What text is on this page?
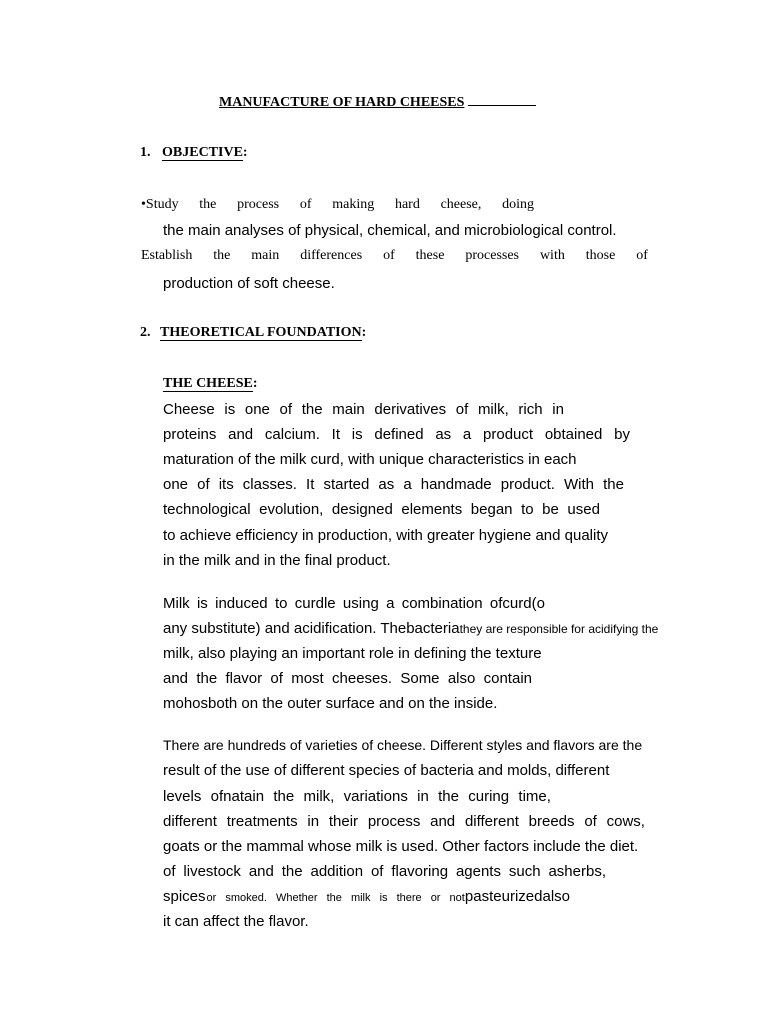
MANUFACTURE OF HARD CHEESES
1. OBJECTIVE:
•Study the process of making hard cheese, doing
the main analyses of physical, chemical, and microbiological control.
Establish the main differences of these processes with those of
production of soft cheese.
2. THEORETICAL FOUNDATION:
THE CHEESE:
Cheese is one of the main derivatives of milk, rich in
proteins and calcium. It is defined as a product obtained by
maturation of the milk curd, with unique characteristics in each
one of its classes. It started as a handmade product. With the
technological evolution, designed elements began to be used
to achieve efficiency in production, with greater hygiene and quality
in the milk and in the final product.
Milk is induced to curdle using a combination ofcurd(o
any substitute) and acidification. Thebacteriathey are responsible for acidifying the
milk, also playing an important role in defining the texture
and the flavor of most cheeses. Some also contain
mohosboth on the outer surface and on the inside.
There are hundreds of varieties of cheese. Different styles and flavors are the
result of the use of different species of bacteria and molds, different
levels ofnatain the milk, variations in the curing time,
different treatments in their process and different breeds of cows,
goats or the mammal whose milk is used. Other factors include the diet.
of livestock and the addition of flavoring agents such asherbs,
spices or smoked. Whether the milk is there or not pasteurizedalso
it can affect the flavor.
